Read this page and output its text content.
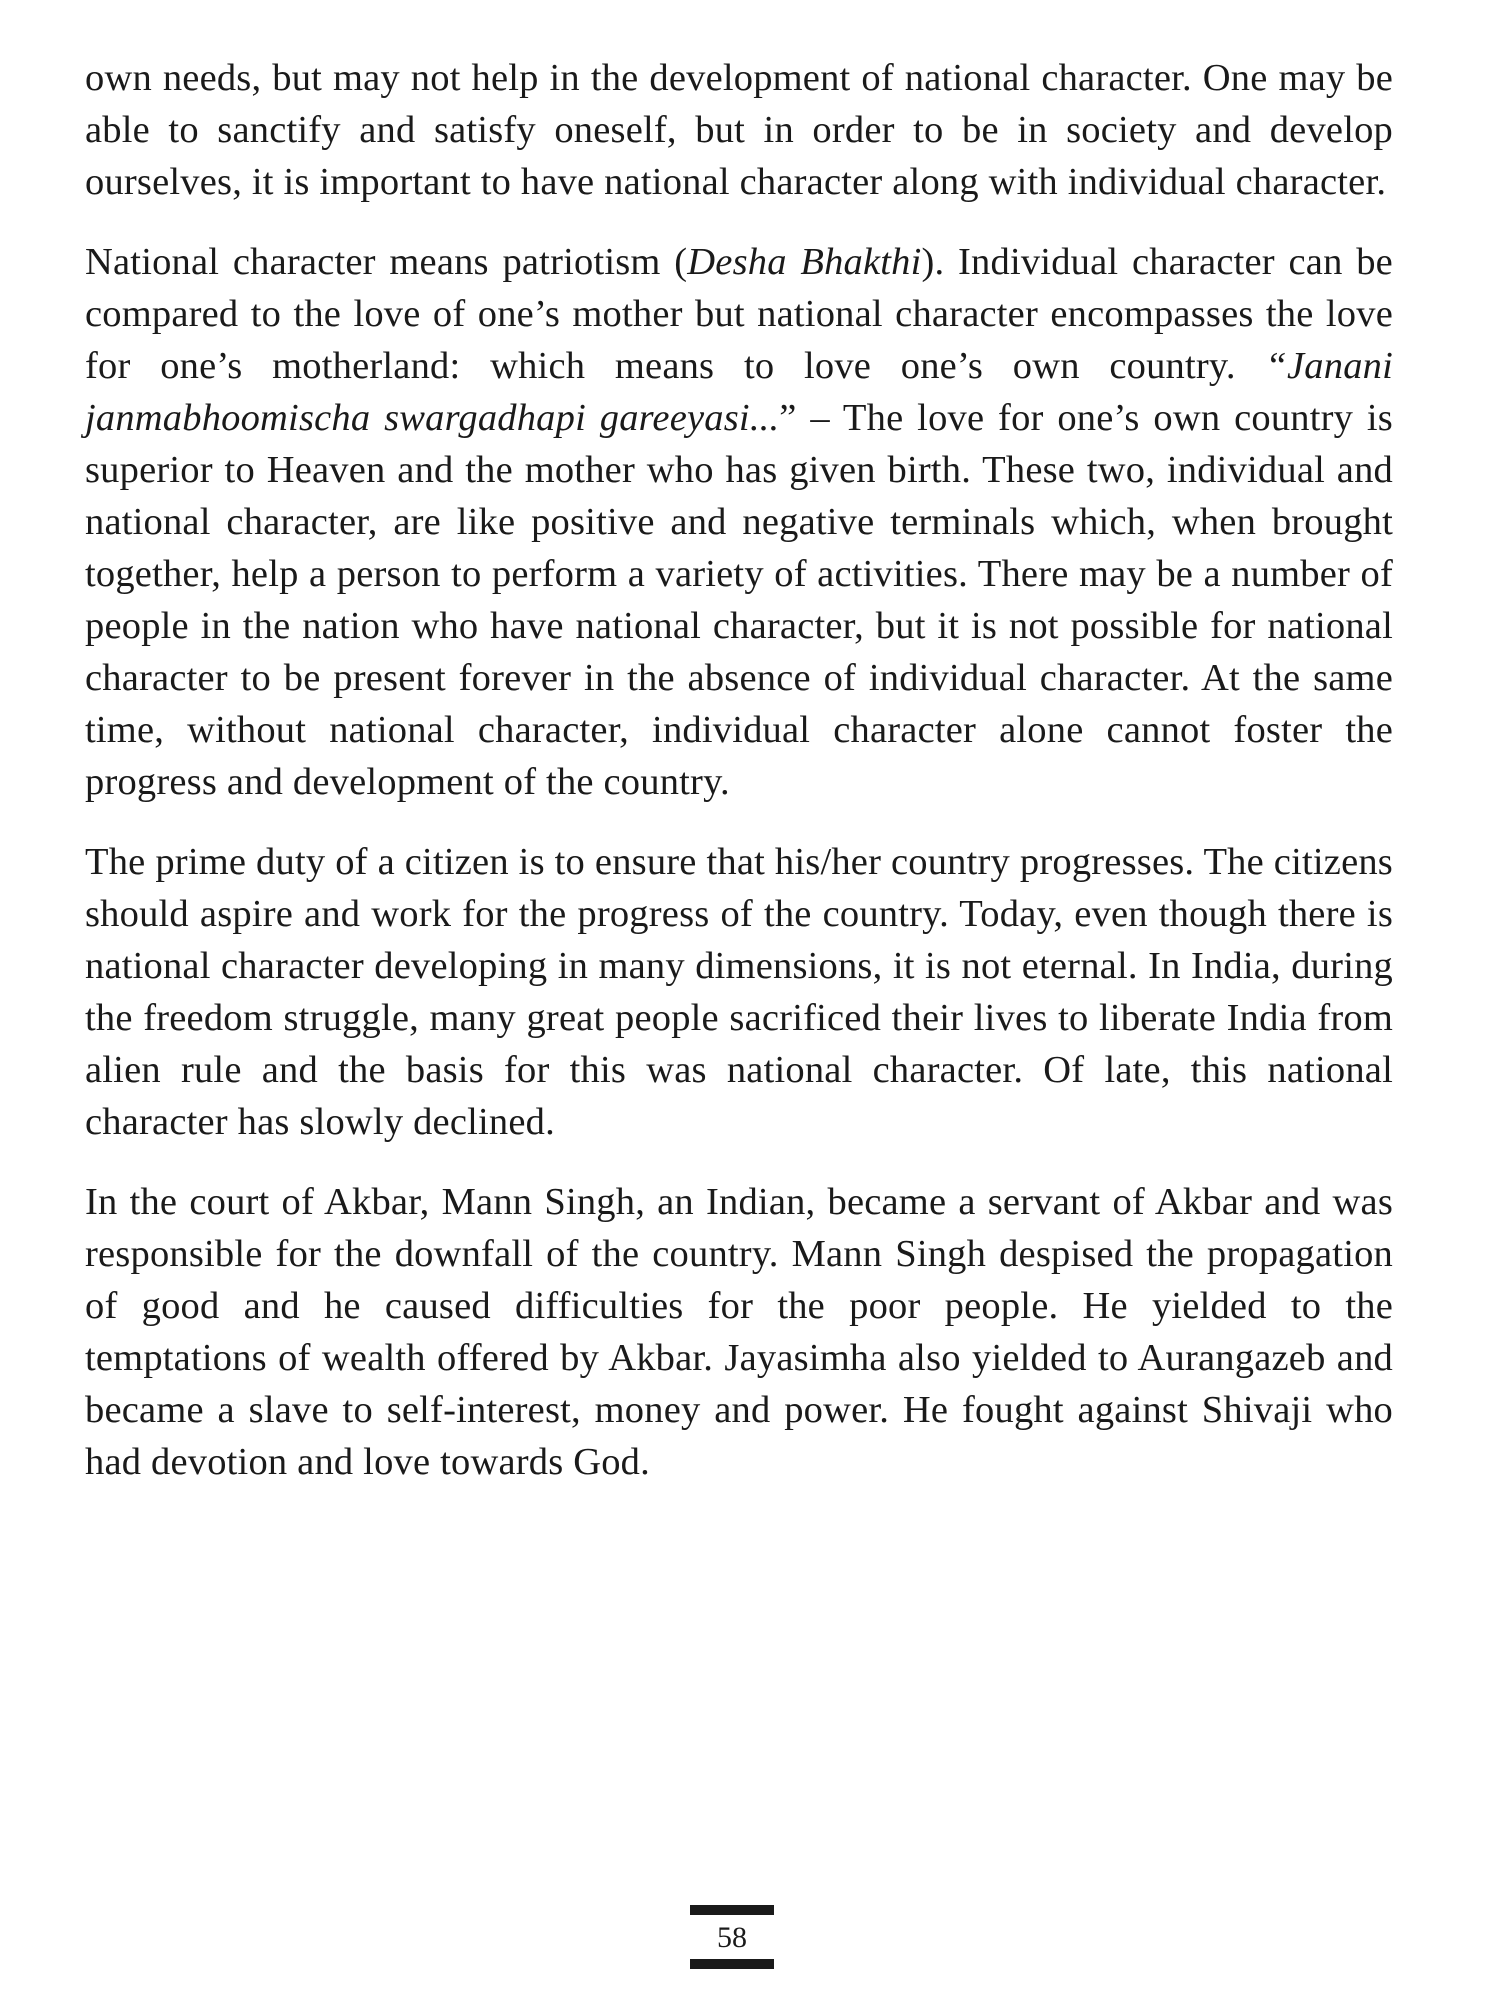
own needs, but may not help in the development of national character. One may be able to sanctify and satisfy oneself, but in order to be in society and develop ourselves, it is important to have national character along with individual character.

National character means patriotism (Desha Bhakthi). Individual character can be compared to the love of one’s mother but national character encompasses the love for one’s motherland: which means to love one’s own country. “Janani janmabhoomischa swargadhapi gareeyasi...” – The love for one’s own country is superior to Heaven and the mother who has given birth. These two, individual and national character, are like positive and negative terminals which, when brought together, help a person to perform a variety of activities. There may be a number of people in the nation who have national character, but it is not possible for national character to be present forever in the absence of individual character. At the same time, without national character, individual character alone cannot foster the progress and development of the country.

The prime duty of a citizen is to ensure that his/her country progresses. The citizens should aspire and work for the progress of the country. Today, even though there is national character developing in many dimensions, it is not eternal. In India, during the freedom struggle, many great people sacrificed their lives to liberate India from alien rule and the basis for this was national character. Of late, this national character has slowly declined.

In the court of Akbar, Mann Singh, an Indian, became a servant of Akbar and was responsible for the downfall of the country. Mann Singh despised the propagation of good and he caused difficulties for the poor people. He yielded to the temptations of wealth offered by Akbar. Jayasimha also yielded to Aurangazeb and became a slave to self-interest, money and power. He fought against Shivaji who had devotion and love towards God.

58
